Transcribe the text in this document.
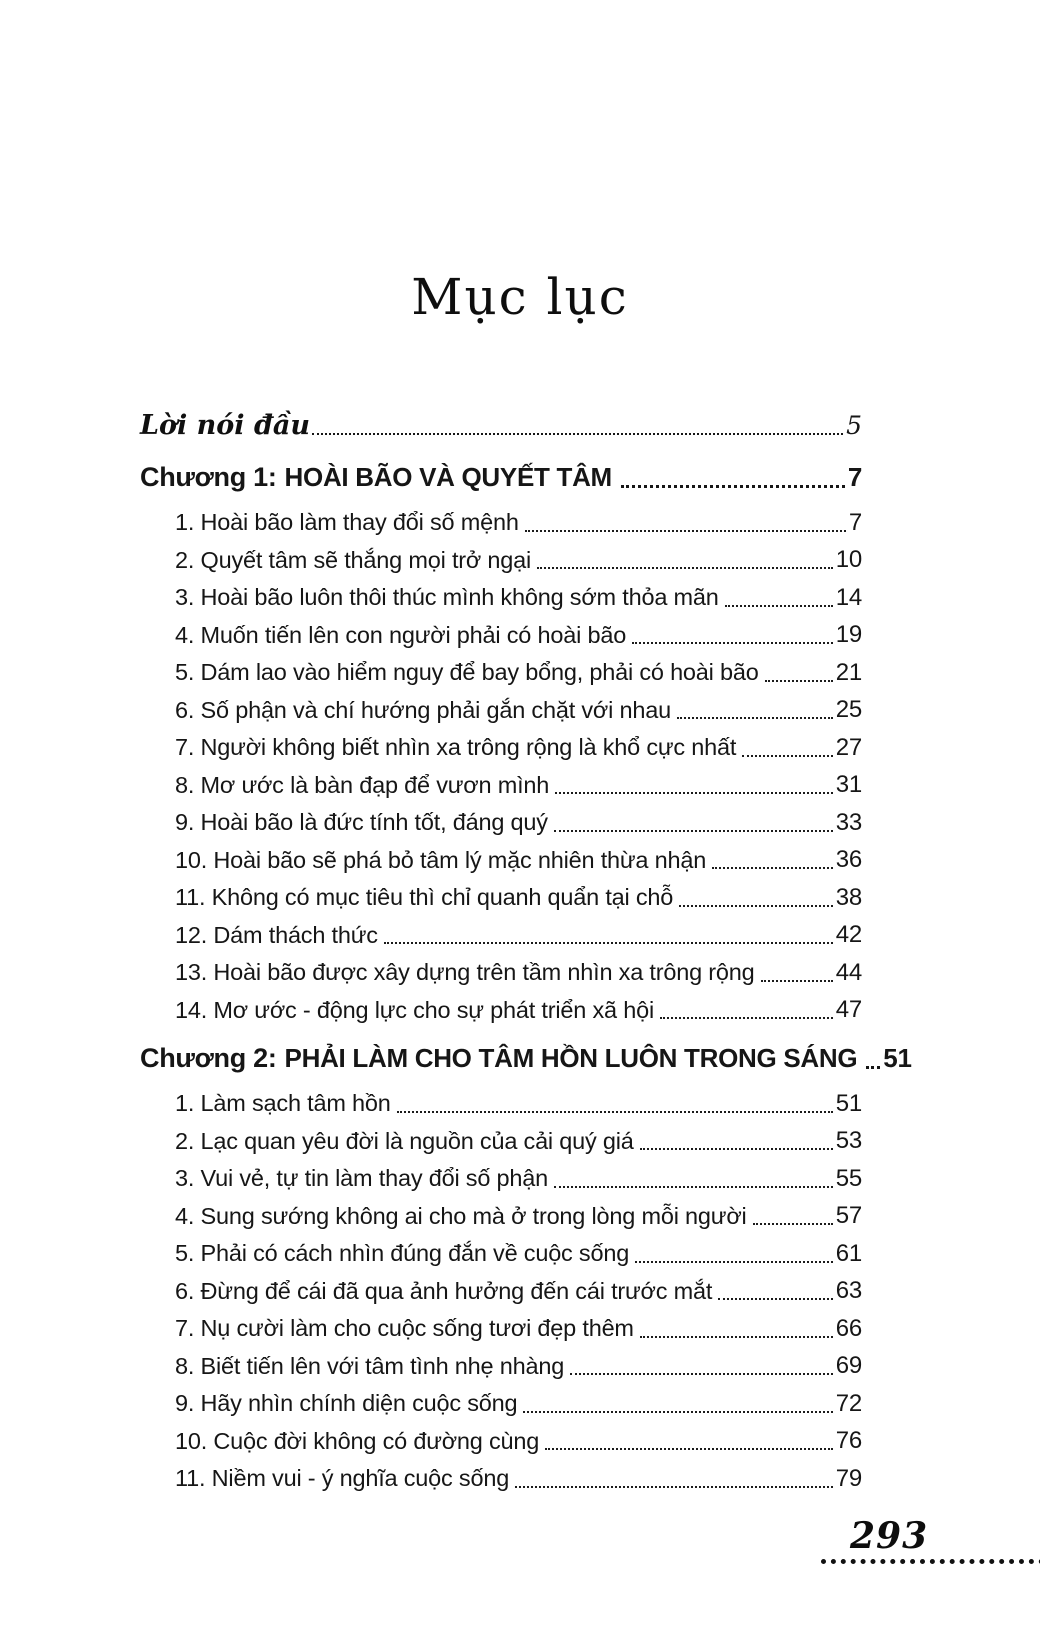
Mục lục
Lời nói đầu	5
Chương 1: HOÀI BÃO VÀ QUYẾT TÂM	7
1. Hoài bão làm thay đổi số mệnh	7
2. Quyết tâm sẽ thắng mọi trở ngại	10
3. Hoài bão luôn thôi thúc mình không sớm thỏa mãn	14
4. Muốn tiến lên con người phải có hoài bão	19
5. Dám lao vào hiểm nguy để bay bổng, phải có hoài bão	21
6. Số phận và chí hướng phải gắn chặt với nhau	25
7. Người không biết nhìn xa trông rộng là khổ cực nhất	27
8. Mơ ước là bàn đạp để vươn mình	31
9. Hoài bão là đức tính tốt, đáng quý	33
10. Hoài bão sẽ phá bỏ tâm lý mặc nhiên thừa nhận	36
11. Không có mục tiêu thì chỉ quanh quẩn tại chỗ	38
12. Dám thách thức	42
13. Hoài bão được xây dựng trên tầm nhìn xa trông rộng	44
14. Mơ ước - động lực cho sự phát triển xã hội	47
Chương 2: PHẢI LÀM CHO TÂM HỒN LUÔN TRONG SÁNG 51
1. Làm sạch tâm hồn	51
2. Lạc quan yêu đời là nguồn của cải quý giá	53
3. Vui vẻ, tự tin làm thay đổi số phận	55
4. Sung sướng không ai cho mà ở trong lòng mỗi người	57
5. Phải có cách nhìn đúng đắn về cuộc sống	61
6. Đừng để cái đã qua ảnh hưởng đến cái trước mắt	63
7. Nụ cười làm cho cuộc sống tươi đẹp thêm	66
8. Biết tiến lên với tâm tình nhẹ nhàng	69
9. Hãy nhìn chính diện cuộc sống	72
10. Cuộc đời không có đường cùng	76
11. Niềm vui - ý nghĩa cuộc sống	79
293
